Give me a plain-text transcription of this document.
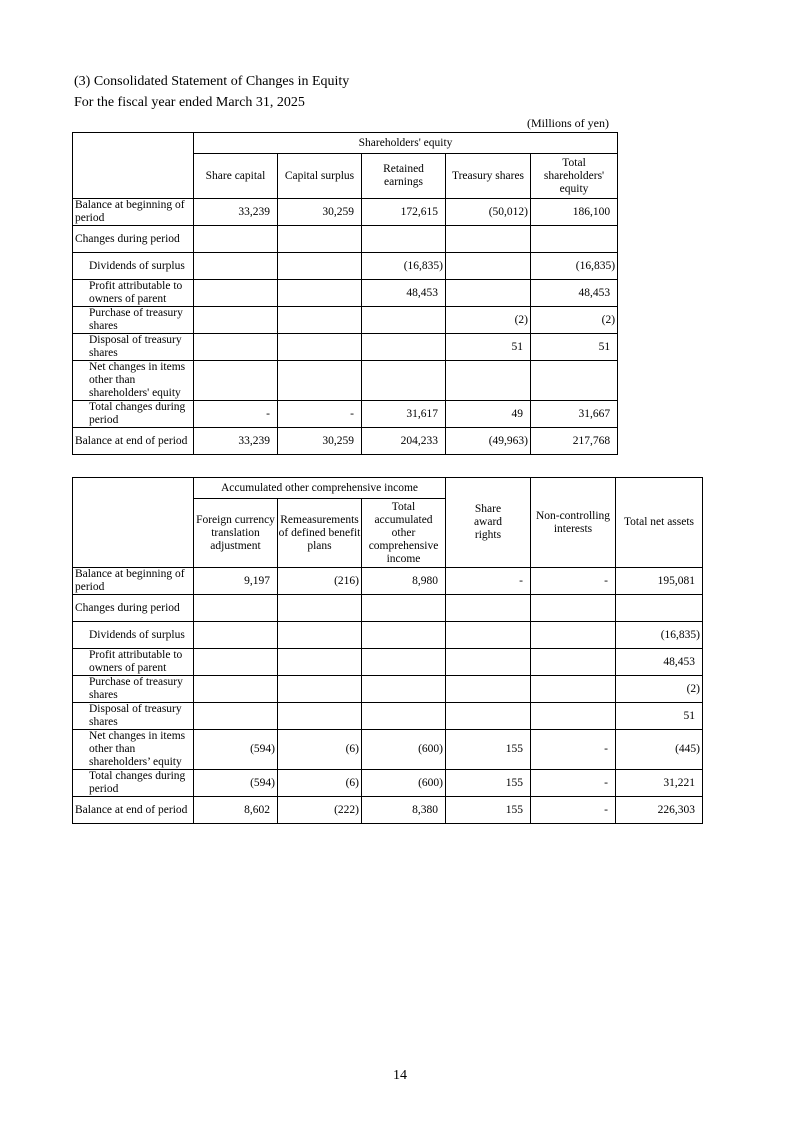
(3) Consolidated Statement of Changes in Equity
For the fiscal year ended March 31, 2025
(Millions of yen)
	Shareholders' equity				
	Share capital	Capital surplus	Retained earnings	Treasury shares	Total shareholders' equity
Balance at beginning of period	33,239	30,259	172,615	(50,012)	186,100
Changes during period					
Dividends of surplus			(16,835)		(16,835)
Profit attributable to owners of parent			48,453		48,453
Purchase of treasury shares				(2)	(2)
Disposal of treasury shares				51	51
Net changes in items other than shareholders' equity					
Total changes during period	-	-	31,617	49	31,667
Balance at end of period	33,239	30,259	204,233	(49,963)	217,768
	Accumulated other comprehensive income			Share award rights	Non-controlling interests	Total net assets
	Foreign currency translation adjustment	Remeasurements of defined benefit plans	Total accumulated other comprehensive income			
Balance at beginning of period	9,197	(216)	8,980	-	-	195,081
Changes during period						
Dividends of surplus						(16,835)
Profit attributable to owners of parent						48,453
Purchase of treasury shares						(2)
Disposal of treasury shares						51
Net changes in items other than shareholders’ equity	(594)	(6)	(600)	155	-	(445)
Total changes during period	(594)	(6)	(600)	155	-	31,221
Balance at end of period	8,602	(222)	8,380	155	-	226,303
14
